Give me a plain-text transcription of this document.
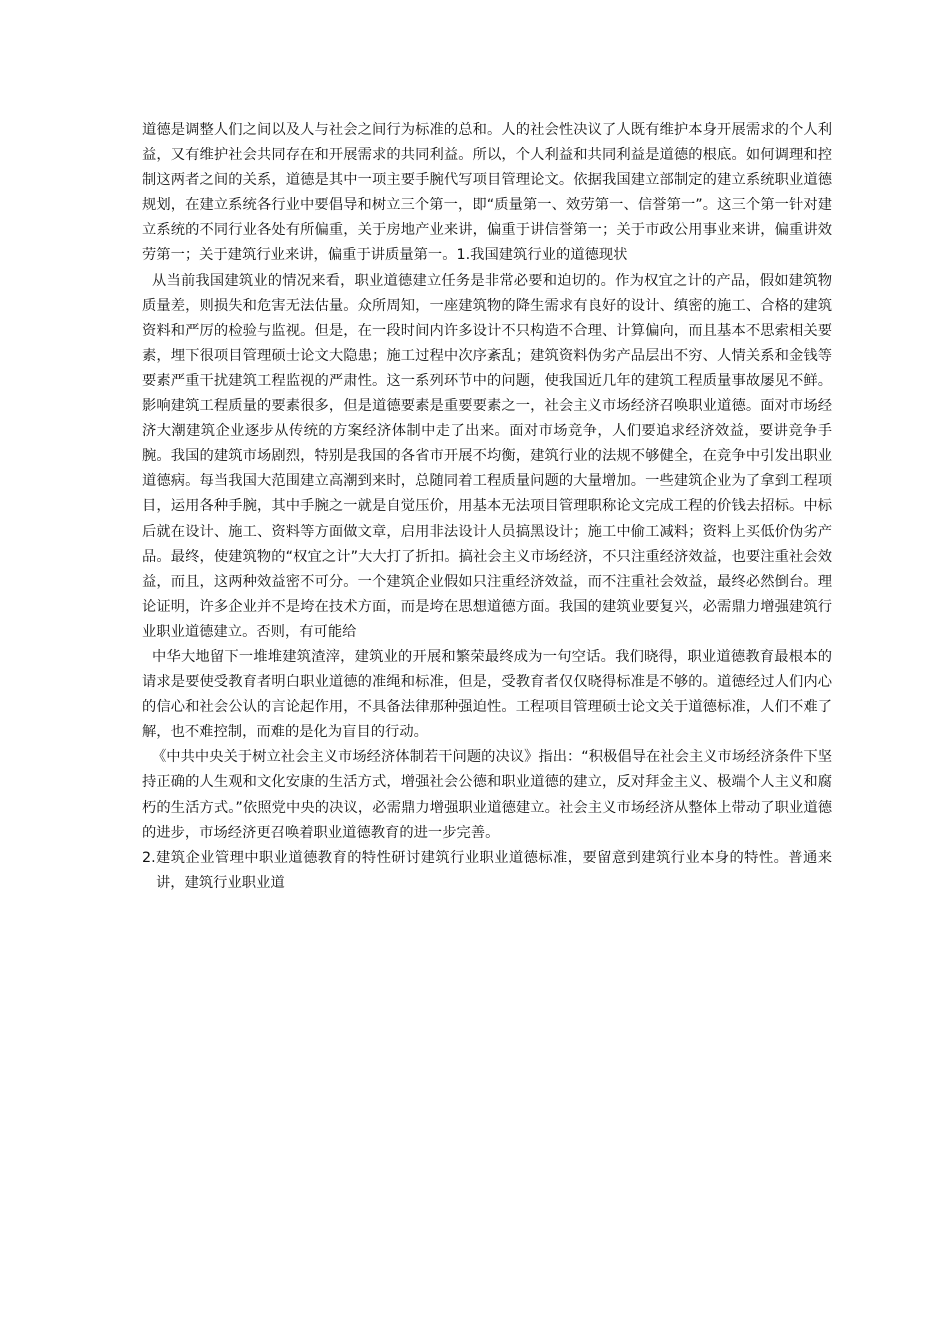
道德是调整人们之间以及人与社会之间行为标准的总和。人的社会性决议了人既有维护本身开展需求的个人利益，又有维护社会共同存在和开展需求的共同利益。所以，个人利益和共同利益是道德的根底。如何调理和控制这两者之间的关系，道德是其中一项主要手腕代写项目管理论文。依据我国建立部制定的建立系统职业道德规划，在建立系统各行业中要倡导和树立三个第一，即“质量第一、效劳第一、信誉第一”。这三个第一针对建立系统的不同行业各处有所偏重，关于房地产业来讲，偏重于讲信誉第一；关于市政公用事业来讲，偏重讲效劳第一；关于建筑行业来讲，偏重于讲质量第一。1.我国建筑行业的道德现状

从当前我国建筑业的情况来看，职业道德建立任务是非常必要和迫切的。作为权宜之计的产品，假如建筑物质量差，则损失和危害无法估量。众所周知，一座建筑物的降生需求有良好的设计、缜密的施工、合格的建筑资料和严厉的检验与监视。但是，在一段时间内许多设计不只构造不合理、计算偏向，而且基本不思索相关要素，埋下很项目管理硕士论文大隐患；施工过程中次序紊乱；建筑资料伪劣产品层出不穷、人情关系和金钱等要素严重干扰建筑工程监视的严肃性。这一系列环节中的问题，使我国近几年的建筑工程质量事故屡见不鲜。影响建筑工程质量的要素很多，但是道德要素是重要要素之一，社会主义市场经济召唤职业道德。面对市场经济大潮建筑企业逐步从传统的方案经济体制中走了出来。面对市场竞争，人们要追求经济效益，要讲竞争手腕。我国的建筑市场剧烈，特别是我国的各省市开展不均衡，建筑行业的法规不够健全，在竞争中引发出职业道德病。每当我国大范围建立高潮到来时，总随同着工程质量问题的大量增加。一些建筑企业为了拿到工程项目，运用各种手腕，其中手腕之一就是自觉压价，用基本无法项目管理职称论文完成工程的价钱去招标。中标后就在设计、施工、资料等方面做文章，启用非法设计人员搞黑设计；施工中偷工减料；资料上买低价伪劣产品。最终，使建筑物的“权宜之计”大大打了折扣。搞社会主义市场经济，不只注重经济效益，也要注重社会效益，而且，这两种效益密不可分。一个建筑企业假如只注重经济效益，而不注重社会效益，最终必然倒台。理论证明，许多企业并不是垮在技术方面，而是垮在思想道德方面。我国的建筑业要复兴，必需鼎力增强建筑行业职业道德建立。否则，有可能给

中华大地留下一堆堆建筑渣滓，建筑业的开展和繁荣最终成为一句空话。我们晓得，职业道德教育最根本的请求是要使受教育者明白职业道德的准绳和标准，但是，受教育者仅仅晓得标准是不够的。道德经过人们内心的信心和社会公认的言论起作用，不具备法律那种强迫性。工程项目管理硕士论文关于道德标准，人们不难了解，也不难控制，而难的是化为盲目的行动。

《中共中央关于树立社会主义市场经济体制若干问题的决议》指出：“积极倡导在社会主义市场经济条件下坚持正确的人生观和文化安康的生活方式，增强社会公德和职业道德的建立，反对拜金主义、极端个人主义和腐朽的生活方式。”依照党中央的决议，必需鼎力增强职业道德建立。社会主义市场经济从整体上带动了职业道德的进步，市场经济更召唤着职业道德教育的进一步完善。

2.建筑企业管理中职业道德教育的特性研讨建筑行业职业道德标准，要留意到建筑行业本身的特性。普通来讲，建筑行业职业道
